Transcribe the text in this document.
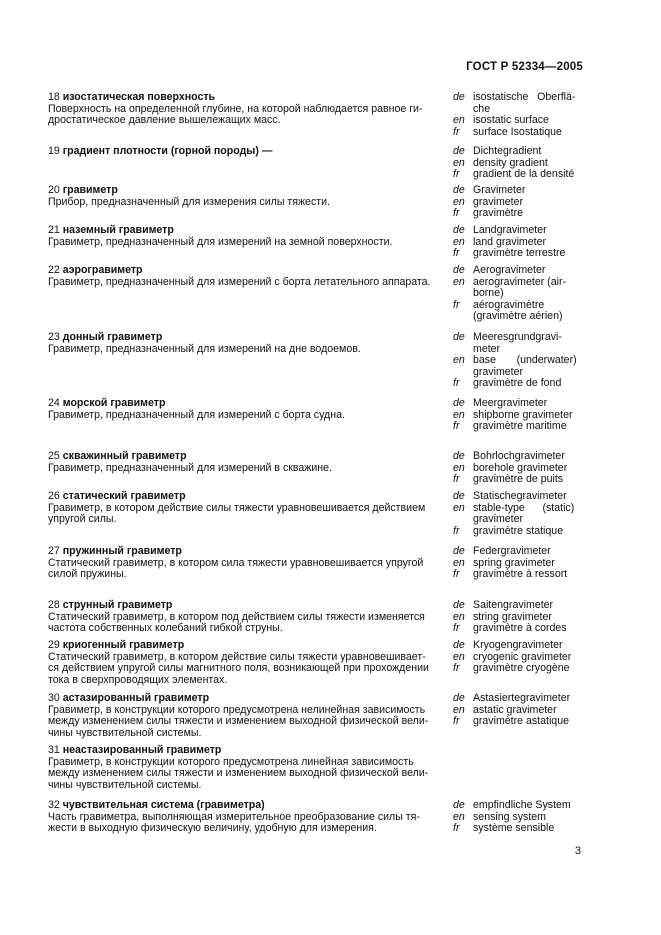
ГОСТ Р 52334—2005
18 изостатическая поверхность
Поверхность на определенной глубине, на которой наблюдается равное ги-
дростатическое давление вышележащих масс.
de isostatische   Oberflä-
che
en isostatic surface
fr	surface Isostatique
19 градиент плотности (горной породы) —	de Dichtegradient
en density gradient
fr	gradient de la densité
20 гравиметр
Прибор, предназначенный для измерения силы тяжести.
de Gravimeter
en gravimeter
fr	gravimètre
21 наземный гравиметр
Гравиметр, предназначенный для измерений на земной поверхности.
de Landgravimeter
en land gravimeter
fr	gravimètre terrestre
22 аэрогравиметр
Гравиметр, предназначенный для измерений с борта летательного аппарата.
de Aerogravimeter
en aerogravimeter (air-
borne)
fr	aérogravimètre
(gravimètre aérien)
23 донный гравиметр
Гравиметр, предназначенный для измерений на дне водоемов.
de Meeresgrundgravi-
meter
en base       (underwater)
gravimeter
fr	gravimètre de fond
24 морской гравиметр
Гравиметр, предназначенный для измерений с борта судна.
de Meergravimeter
en shipborne gravimeter
fr	gravimètre maritime
25 скважинный гравиметр
Гравиметр, предназначенный для измерений в скважине.
de Bohrlochgravimeter
en borehole gravimeter
fr	gravimètre de puits
26 статический гравиметр
Гравиметр, в котором действие силы тяжести уравновешивается действием
упругой силы.
de Statischegravimeter
en stable-type      (static)
gravimeter
fr	gravimètre statique
27 пружинный гравиметр
Статический гравиметр, в котором сила тяжести уравновешивается упругой
силой пружины.
de Federgravimeter
en spring gravimeter
fr	gravimètre à ressort
28 струнный гравиметр
Статический гравиметр, в котором под действием силы тяжести изменяется
частота собственных колебаний гибкой струны.
de Saitengravimeter
en string gravimeter
fr	gravimètre à cordes
29 криогенный гравиметр
Статический гравиметр, в котором действие силы тяжести уравновешивает-
ся действием упругой силы магнитного поля, возникающей при прохождении
тока в сверхпроводящих элементах.
de Kryogengravimeter
en cryogenic gravimeter
fr	gravimètre cryogène
30 астазированный гравиметр
Гравиметр, в конструкции которого предусмотрена нелинейная зависимость
между изменением силы тяжести и изменением выходной физической вели-
чины чувствительной системы.
de Astasiertegravimeter
en astatic gravimeter
fr	gravimètre astatique
31 неастазированный гравиметр
Гравиметр, в конструкции которого предусмотрена линейная зависимость
между изменением силы тяжести и изменением выходной физической вели-
чины чувствительной системы.
32 чувствительная система (гравиметра)
Часть гравиметра, выполняющая измерительное преобразование силы тя-
жести в выходную физическую величину, удобную для измерения.
de empfindliche System
en sensing system
fr	système sensible
3
